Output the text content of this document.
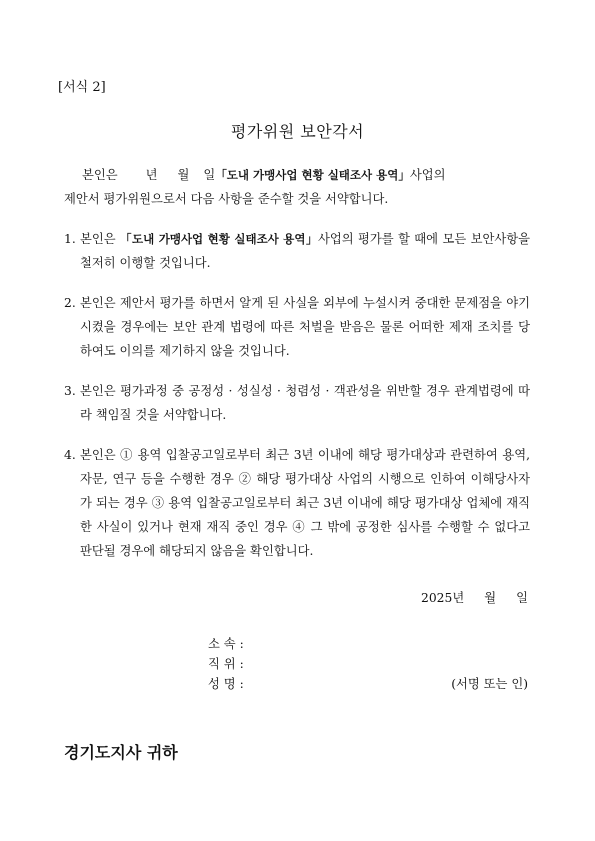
[서식 2]
평가위원 보안각서
본인은 년 월 일「도내 가맹사업 현황 실태조사 용역」사업의
제안서 평가위원으로서 다음 사항을 준수할 것을 서약합니다.
1. 본인은 「도내 가맹사업 현황 실태조사 용역」사업의 평가를 할 때에 모든 보안사항을 철저히 이행할 것입니다.
2. 본인은 제안서 평가를 하면서 알게 된 사실을 외부에 누설시켜 중대한 문제점을 야기시켰을 경우에는 보안 관계 법령에 따른 처벌을 받음은 물론 어떠한 제재 조치를 당하여도 이의를 제기하지 않을 것입니다.
3. 본인은 평가과정 중 공정성 · 성실성 · 청렴성 · 객관성을 위반할 경우 관계법령에 따라 책임질 것을 서약합니다.
4. 본인은 ① 용역 입찰공고일로부터 최근 3년 이내에 해당 평가대상과 관련하여 용역, 자문, 연구 등을 수행한 경우 ② 해당 평가대상 사업의 시행으로 인하여 이해당사자가 되는 경우 ③ 용역 입찰공고일로부터 최근 3년 이내에 해당 평가대상 업체에 재직한 사실이 있거나 현재 재직 중인 경우 ④ 그 밖에 공정한 심사를 수행할 수 없다고 판단될 경우에 해당되지 않음을 확인합니다.
2025년 월 일
소 속 :
직 위 :
성 명 :	(서명 또는 인)
경기도지사 귀하
